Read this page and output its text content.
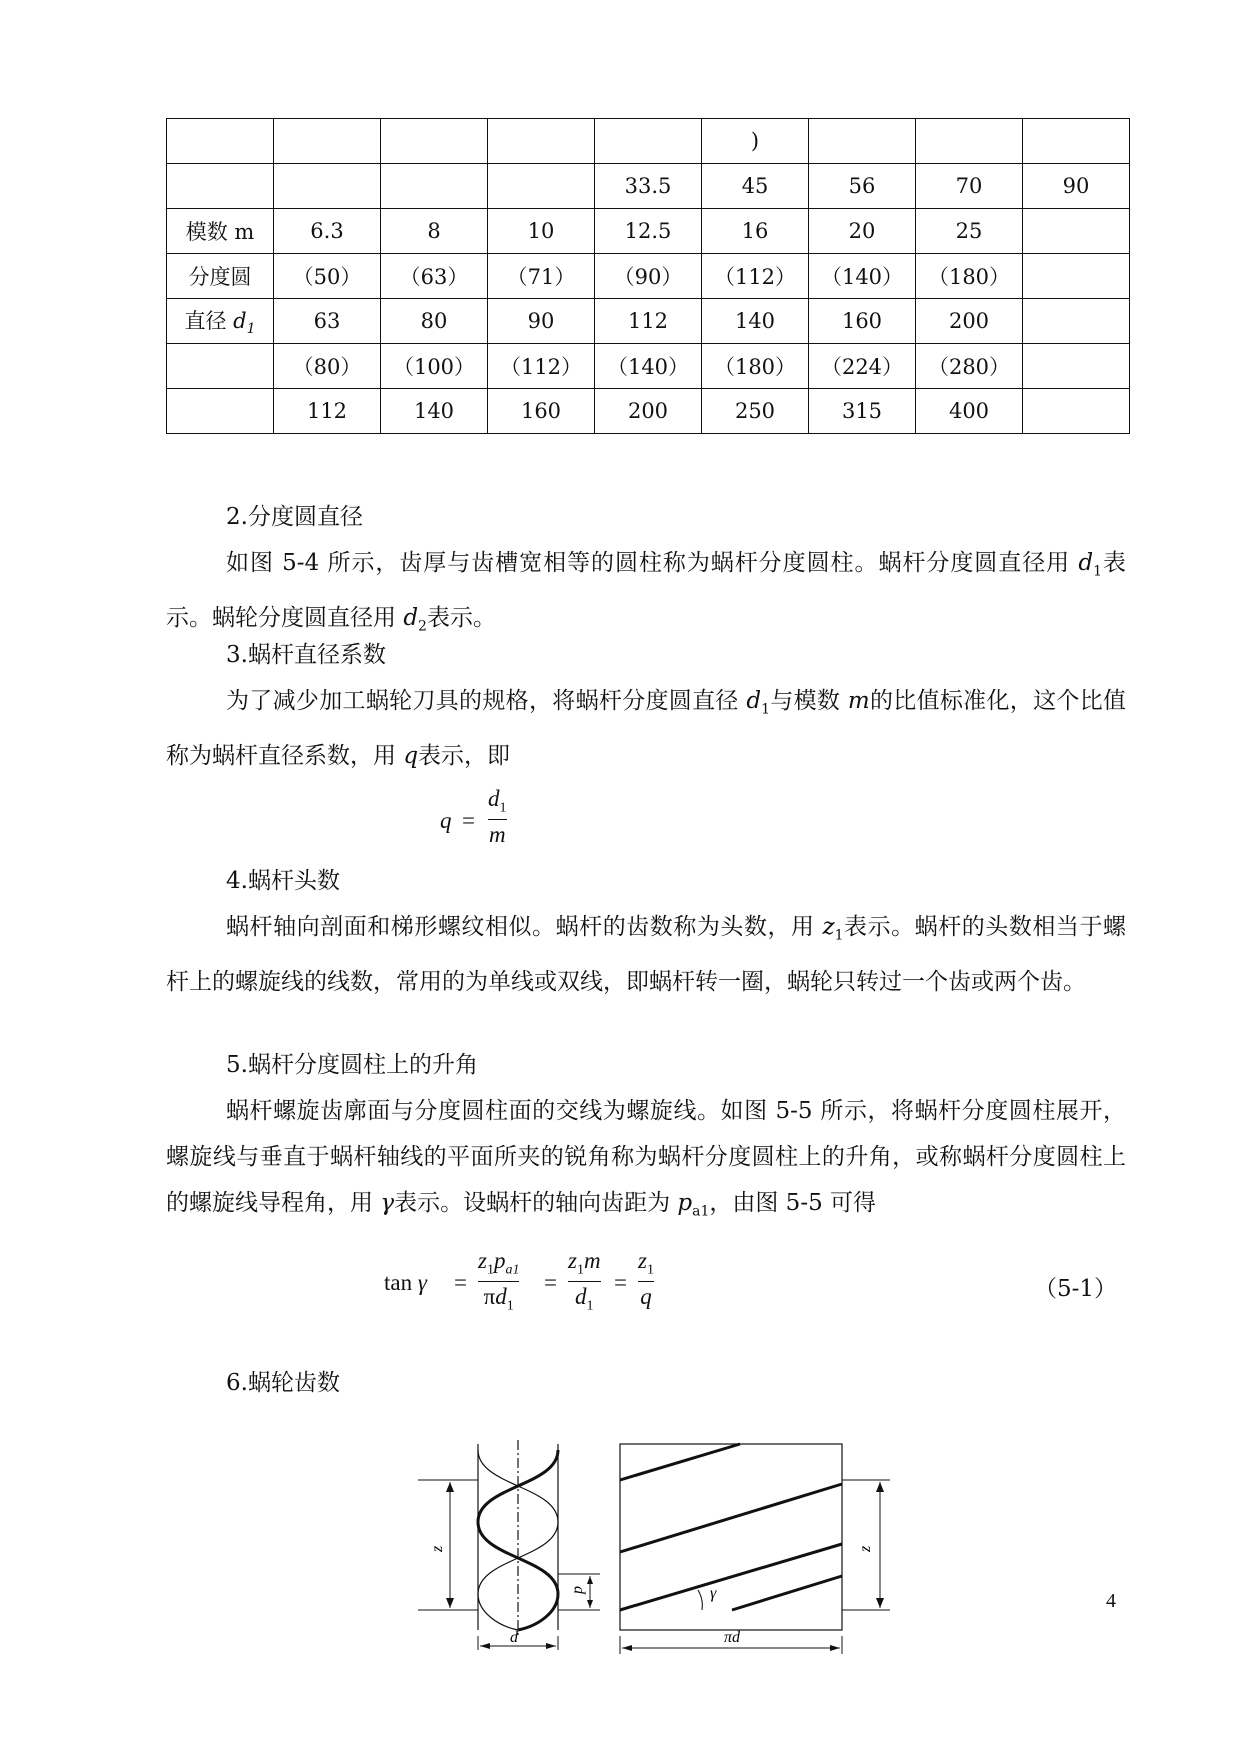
					)			
				33.5	45	56	70	90
模数 m	6.3	8	10	12.5	16	20	25	
分度圆	（50）	（63）	（71）	（90）	（112）	（140）	（180）	
直径 $d_1$	63	80	90	112	140	160	200	
	（80）	（100）	（112）	（140）	（180）	（224）	（280）	
	112	140	160	200	250	315	400	

2.分度圆直径

如图 5-4 所示，齿厚与齿槽宽相等的圆柱称为蜗杆分度圆柱。蜗杆分度圆直径用 $d_1$表示。蜗轮分度圆直径用 $d_2$表示。

3.蜗杆直径系数

为了减少加工蜗轮刀具的规格，将蜗杆分度圆直径 $d_1$与模数 m的比值标准化，这个比值称为蜗杆直径系数，用 q表示，即

q =
$d_1$
m

4.蜗杆头数

蜗杆轴向剖面和梯形螺纹相似。蜗杆的齿数称为头数，用 $z_1$表示。蜗杆的头数相当于螺杆上的螺旋线的线数，常用的为单线或双线，即蜗杆转一圈，蜗轮只转过一个齿或两个齿。

5.蜗杆分度圆柱上的升角

蜗杆螺旋齿廓面与分度圆柱面的交线为螺旋线。如图 5-5 所示，将蜗杆分度圆柱展开，螺旋线与垂直于蜗杆轴线的平面所夹的锐角称为蜗杆分度圆柱上的升角，或称蜗杆分度圆柱上的螺旋线导程角，用 γ表示。设蜗杆的轴向齿距为 $p_{a1}$，由图 5-5 可得

tan γ =
$z_1p_{a1}$
$\pi d_1$
=
$z_1m$
$d_1$
=
$z_1$
q	（5-1）

6.蜗轮齿数

z
p
d
γ
z
πd
4
